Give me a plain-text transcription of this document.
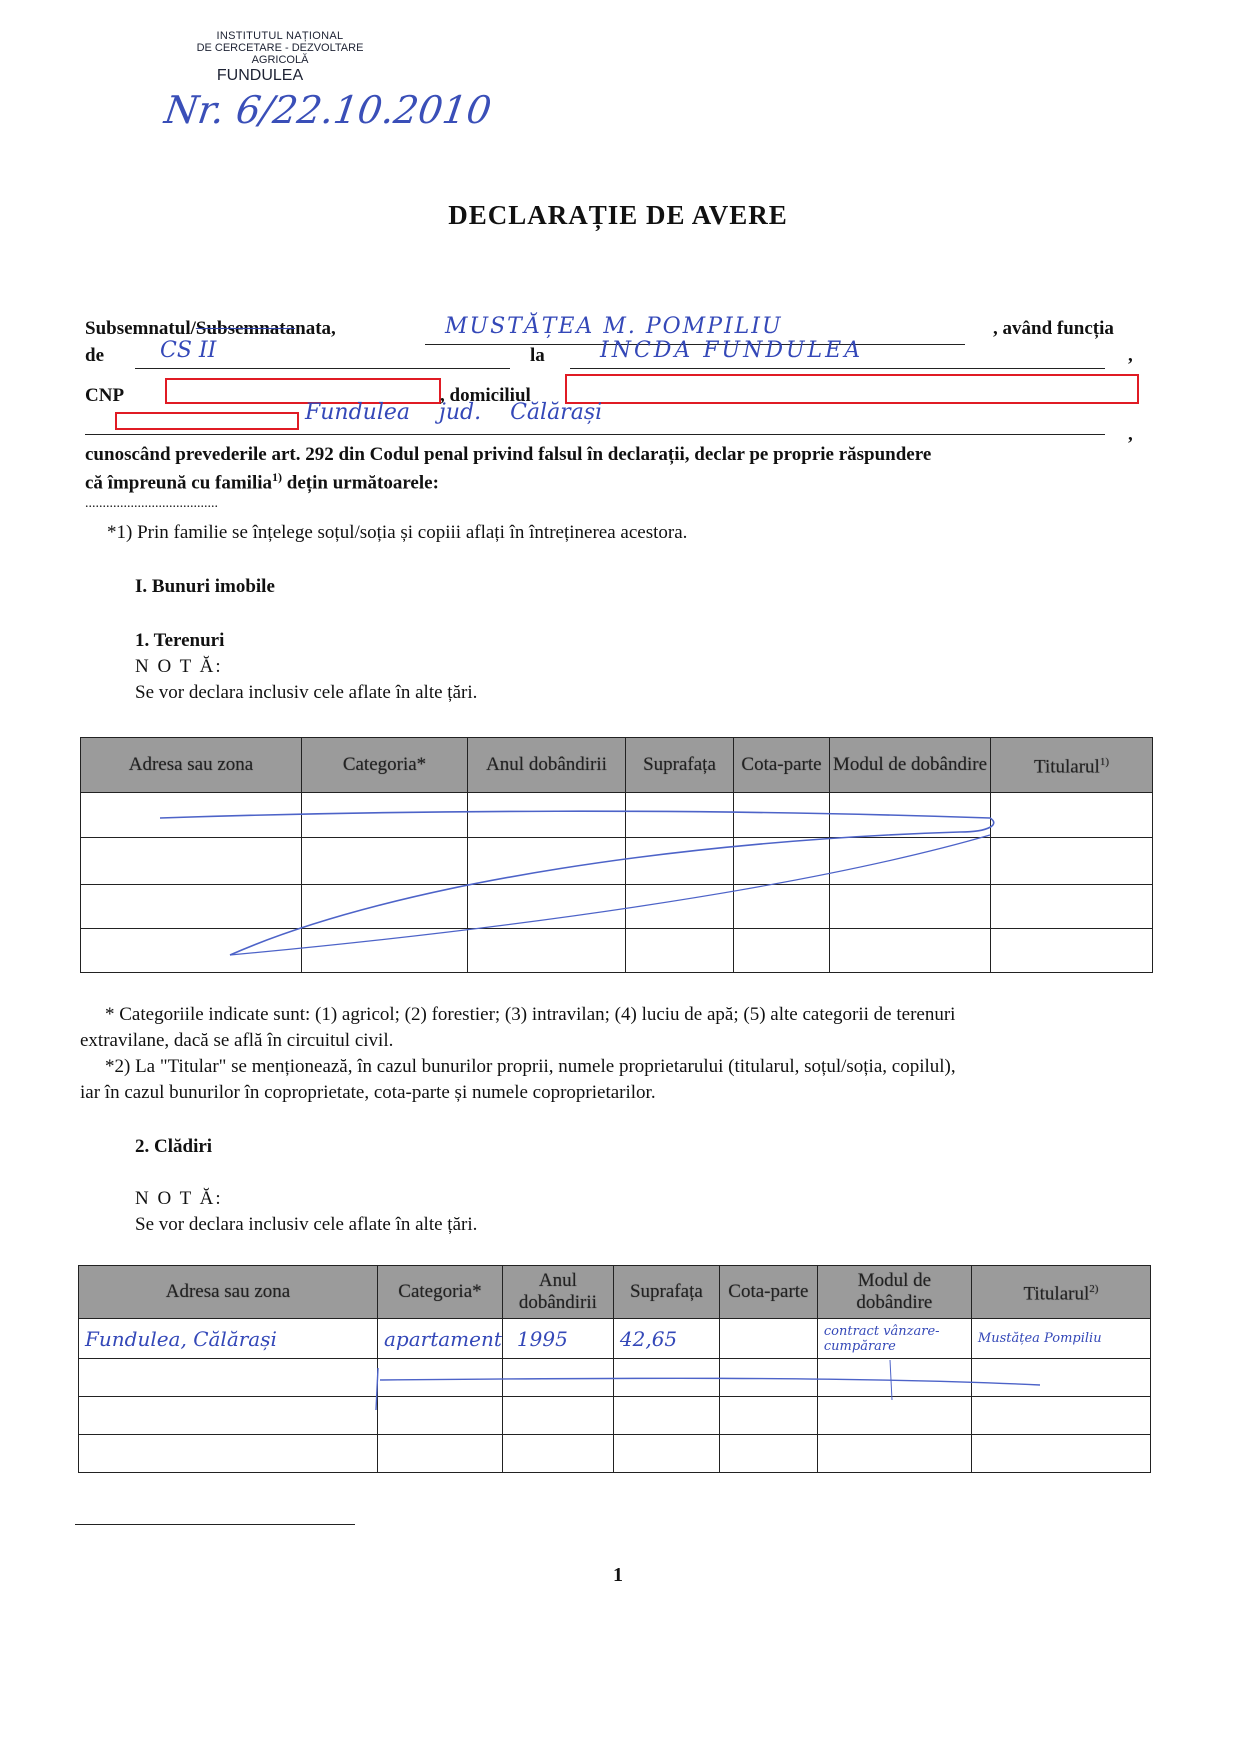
INSTITUTUL NAȚIONAL
DE CERCETARE - DEZVOLTARE
AGRICOLĂ
FUNDULEA
Nr. 6/22.10.2010
DECLARAȚIE DE AVERE
Subsemnatul/Subsemnatanata,	MUSTĂȚEA M. POMPILIU	, având funcția
de	CS II	la	INCDA FUNDULEA	,
CNP	, domiciliul
Fundulea jud. Călărași
,
cunoscând prevederile art. 292 din Codul penal privind falsul în declarații, declar pe proprie răspundere
că împreună cu familia$^{1)}$ dețin următoarele:
......................................
*1) Prin familie se înțelege soțul/soția și copiii aflați în întreținerea acestora.
I. Bunuri imobile
1. Terenuri
N O T Ă:
Se vor declara inclusiv cele aflate în alte țări.
Adresa sau zona	Categoria*	Anul dobândirii	Suprafața	Cota-parte	Modul de dobândire	Titularul$^{1)}$

* Categoriile indicate sunt: (1) agricol; (2) forestier; (3) intravilan; (4) luciu de apă; (5) alte categorii de terenuri
extravilane, dacă se află în circuitul civil.
*2) La "Titular" se menționează, în cazul bunurilor proprii, numele proprietarului (titularul, soțul/soția, copilul),
iar în cazul bunurilor în coproprietate, cota-parte și numele coproprietarilor.
2. Clădiri
N O T Ă:
Se vor declara inclusiv cele aflate în alte țări.
Adresa sau zona	Categoria*	Anul dobândirii	Suprafața	Cota-parte	Modul de dobândire	Titularul$^{2)}$

Fundulea, Călărași	apartament	1995	42,65		contract vânzare-cumpărare	Mustățea Pompiliu

1
